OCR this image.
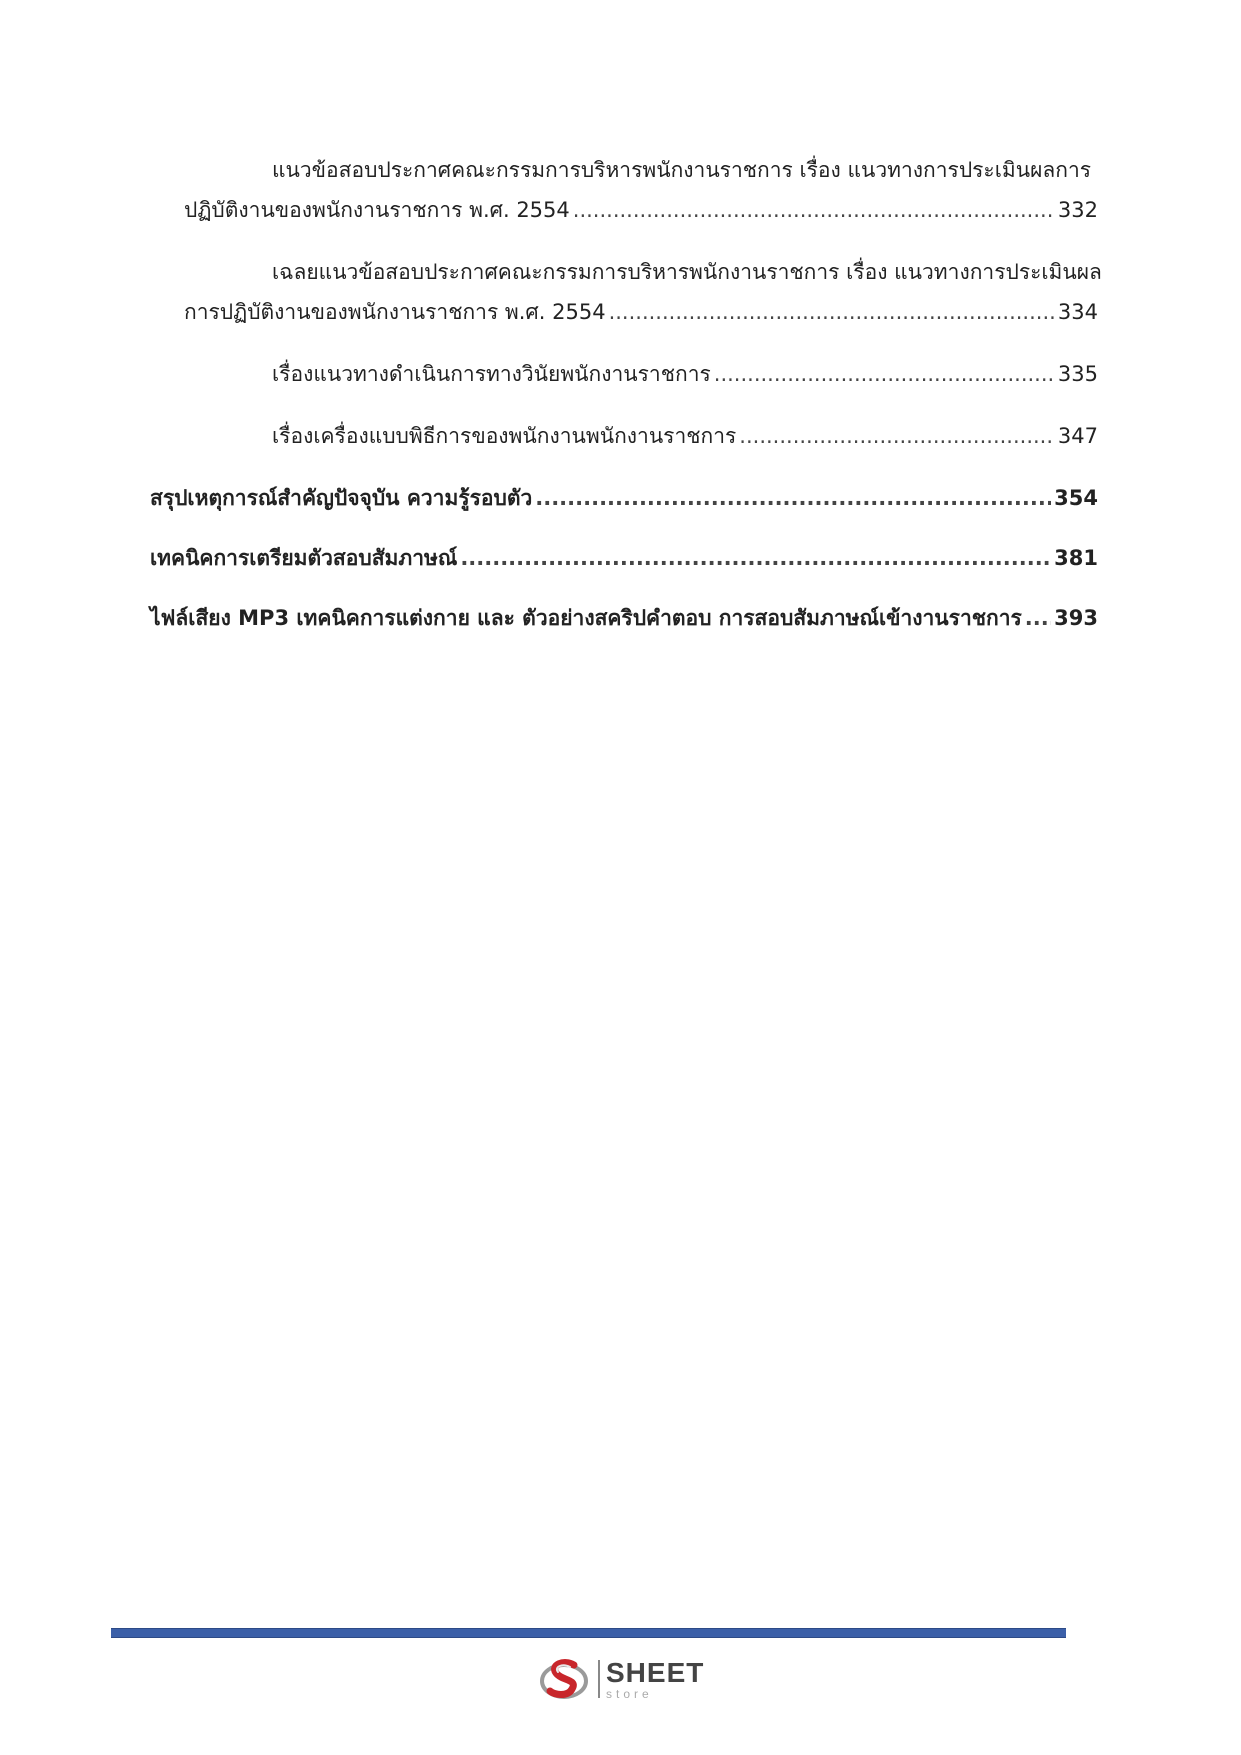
แนวข้อสอบประกาศคณะกรรมการบริหารพนักงานราชการ เรื่อง แนวทางการประเมินผลการ
ปฏิบัติงานของพนักงานราชการ พ.ศ. 2554 .....	332
เฉลยแนวข้อสอบประกาศคณะกรรมการบริหารพนักงานราชการ เรื่อง แนวทางการประเมินผล
การปฏิบัติงานของพนักงานราชการ พ.ศ. 2554 .....	334
เรื่องแนวทางดำเนินการทางวินัยพนักงานราชการ .....	335
เรื่องเครื่องแบบพิธีการของพนักงานพนักงานราชการ .....	347
สรุปเหตุการณ์สำคัญปัจจุบัน ความรู้รอบตัว .....	354
เทคนิคการเตรียมตัวสอบสัมภาษณ์ .....	381
ไฟล์เสียง MP3 เทคนิคการแต่งกาย และ ตัวอย่างสคริปคำตอบ การสอบสัมภาษณ์เข้างานราชการ ..... 393
SHEET
store
